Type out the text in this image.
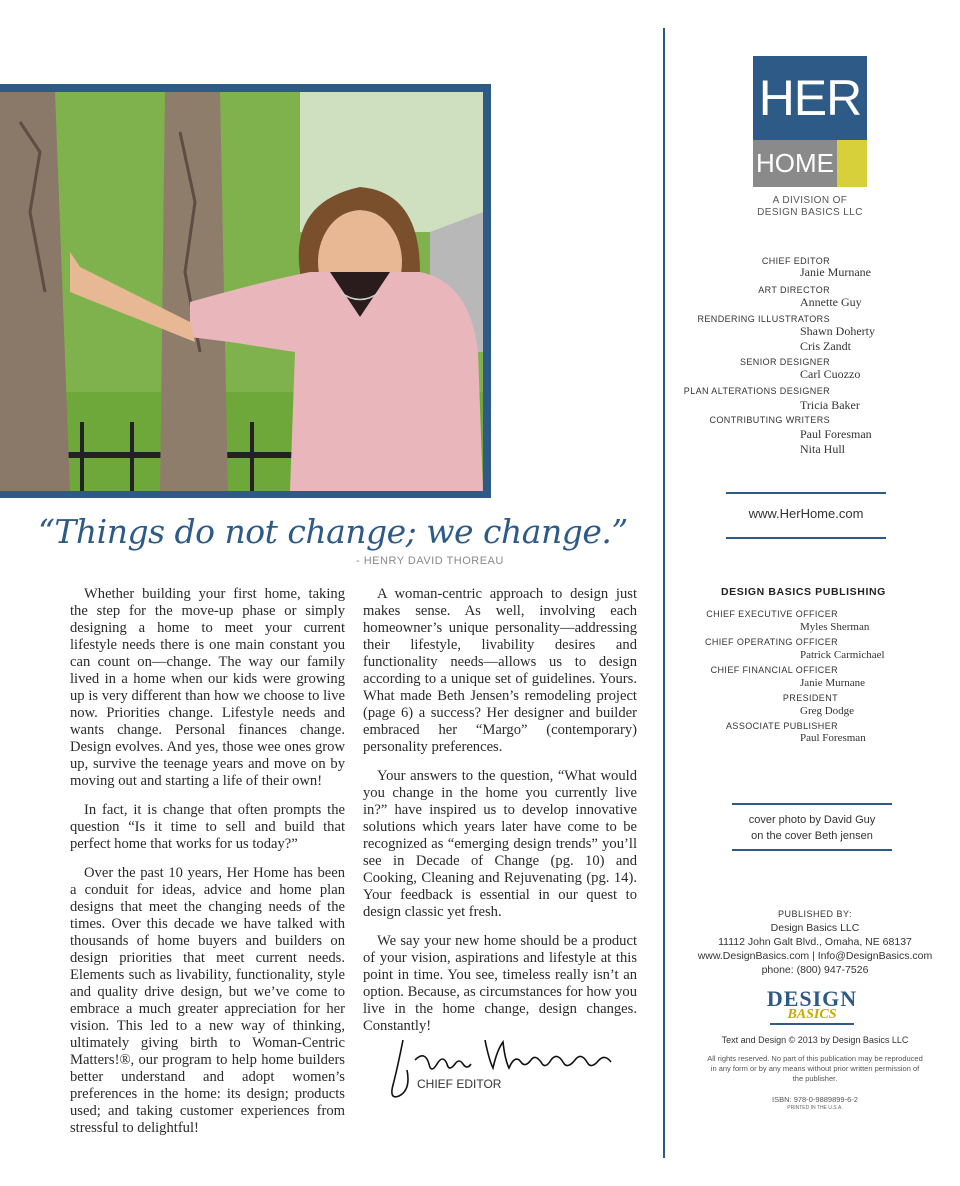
“Things do not change; we change.”
- HENRY DAVID THOREAU

Whether building your first home, taking the step for the move-up phase or simply designing a home to meet your current lifestyle needs there is one main constant you can count on—change. The way our family lived in a home when our kids were growing up is very different than how we choose to live now. Priorities change. Lifestyle needs and wants change. Personal finances change. Design evolves. And yes, those wee ones grow up, survive the teenage years and move on by moving out and starting a life of their own!

In fact, it is change that often prompts the question “Is it time to sell and build that perfect home that works for us today?”

Over the past 10 years, Her Home has been a conduit for ideas, advice and home plan designs that meet the changing needs of the times. Over this decade we have talked with thousands of home buyers and builders on design priorities that meet current needs. Elements such as livability, functionality, style and quality drive design, but we’ve come to embrace a much greater appreciation for her vision. This led to a new way of thinking, ultimately giving birth to Woman-Centric Matters!®, our program to help home builders better understand and adopt women’s preferences in the home: its design; products used; and taking customer experiences from stressful to delightful!

A woman-centric approach to design just makes sense. As well, involving each homeowner’s unique personality—addressing their lifestyle, livability desires and functionality needs—allows us to design according to a unique set of guidelines. Yours. What made Beth Jensen’s remodeling project (page 6) a success? Her designer and builder embraced her “Margo” (contemporary) personality preferences.

Your answers to the question, “What would you change in the home you currently live in?” have inspired us to develop innovative solutions which years later have come to be recognized as “emerging design trends” you’ll see in Decade of Change (pg. 10) and Cooking, Cleaning and Rejuvenating (pg. 14). Your feedback is essential in our quest to design classic yet fresh.

We say your new home should be a product of your vision, aspirations and lifestyle at this point in time. You see, timeless really isn’t an option. Because, as circumstances for how you live in the home change, design changes. Constantly!

CHIEF EDITOR
HER
HOME
A DIVISION OF
DESIGN BASICS LLC
CHIEF EDITOR
Janie Murnane
ART DIRECTOR
Annette Guy
RENDERING ILLUSTRATORS
Shawn Doherty
Cris Zandt
SENIOR DESIGNER
Carl Cuozzo
PLAN ALTERATIONS DESIGNER
Tricia Baker
CONTRIBUTING WRITERS
Paul Foresman
Nita Hull
www.HerHome.com
DESIGN BASICS PUBLISHING
CHIEF EXECUTIVE OFFICER
Myles Sherman
CHIEF OPERATING OFFICER
Patrick Carmichael
CHIEF FINANCIAL OFFICER
Janie Murnane
PRESIDENT
Greg Dodge
ASSOCIATE PUBLISHER
Paul Foresman
cover photo by David Guy
on the cover Beth jensen
PUBLISHED BY:
Design Basics LLC
11112 John Galt Blvd., Omaha, NE 68137
www.DesignBasics.com | Info@DesignBasics.com
phone: (800) 947-7526
DESIGN
BASICS
Text and Design © 2013 by Design Basics LLC
All rights reserved. No part of this publication may be reproduced in any form or by any means without prior written permission of the publisher.
ISBN: 978-0-9889899-6-2
PRINTED IN THE U.S.A.
